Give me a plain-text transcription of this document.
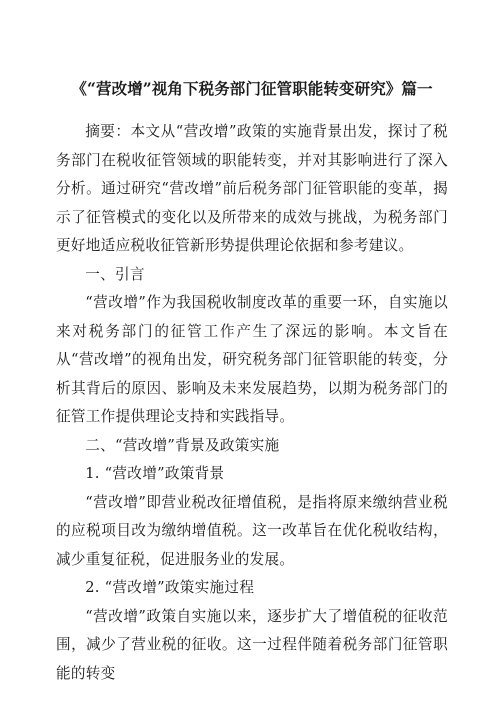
《“营改增”视角下税务部门征管职能转变研究》篇一

摘要：本文从“营改增”政策的实施背景出发，探讨了税务部门在税收征管领域的职能转变，并对其影响进行了深入分析。通过研究“营改增”前后税务部门征管职能的变革，揭示了征管模式的变化以及所带来的成效与挑战，为税务部门更好地适应税收征管新形势提供理论依据和参考建议。

一、引言

“营改增”作为我国税收制度改革的重要一环，自实施以来对税务部门的征管工作产生了深远的影响。本文旨在从“营改增”的视角出发，研究税务部门征管职能的转变，分析其背后的原因、影响及未来发展趋势，以期为税务部门的征管工作提供理论支持和实践指导。

二、“营改增”背景及政策实施

1. “营改增”政策背景

“营改增”即营业税改征增值税，是指将原来缴纳营业税的应税项目改为缴纳增值税。这一改革旨在优化税收结构，减少重复征税，促进服务业的发展。

2. “营改增”政策实施过程

“营改增”政策自实施以来，逐步扩大了增值税的征收范围，减少了营业税的征收。这一过程伴随着税务部门征管职能的转变
